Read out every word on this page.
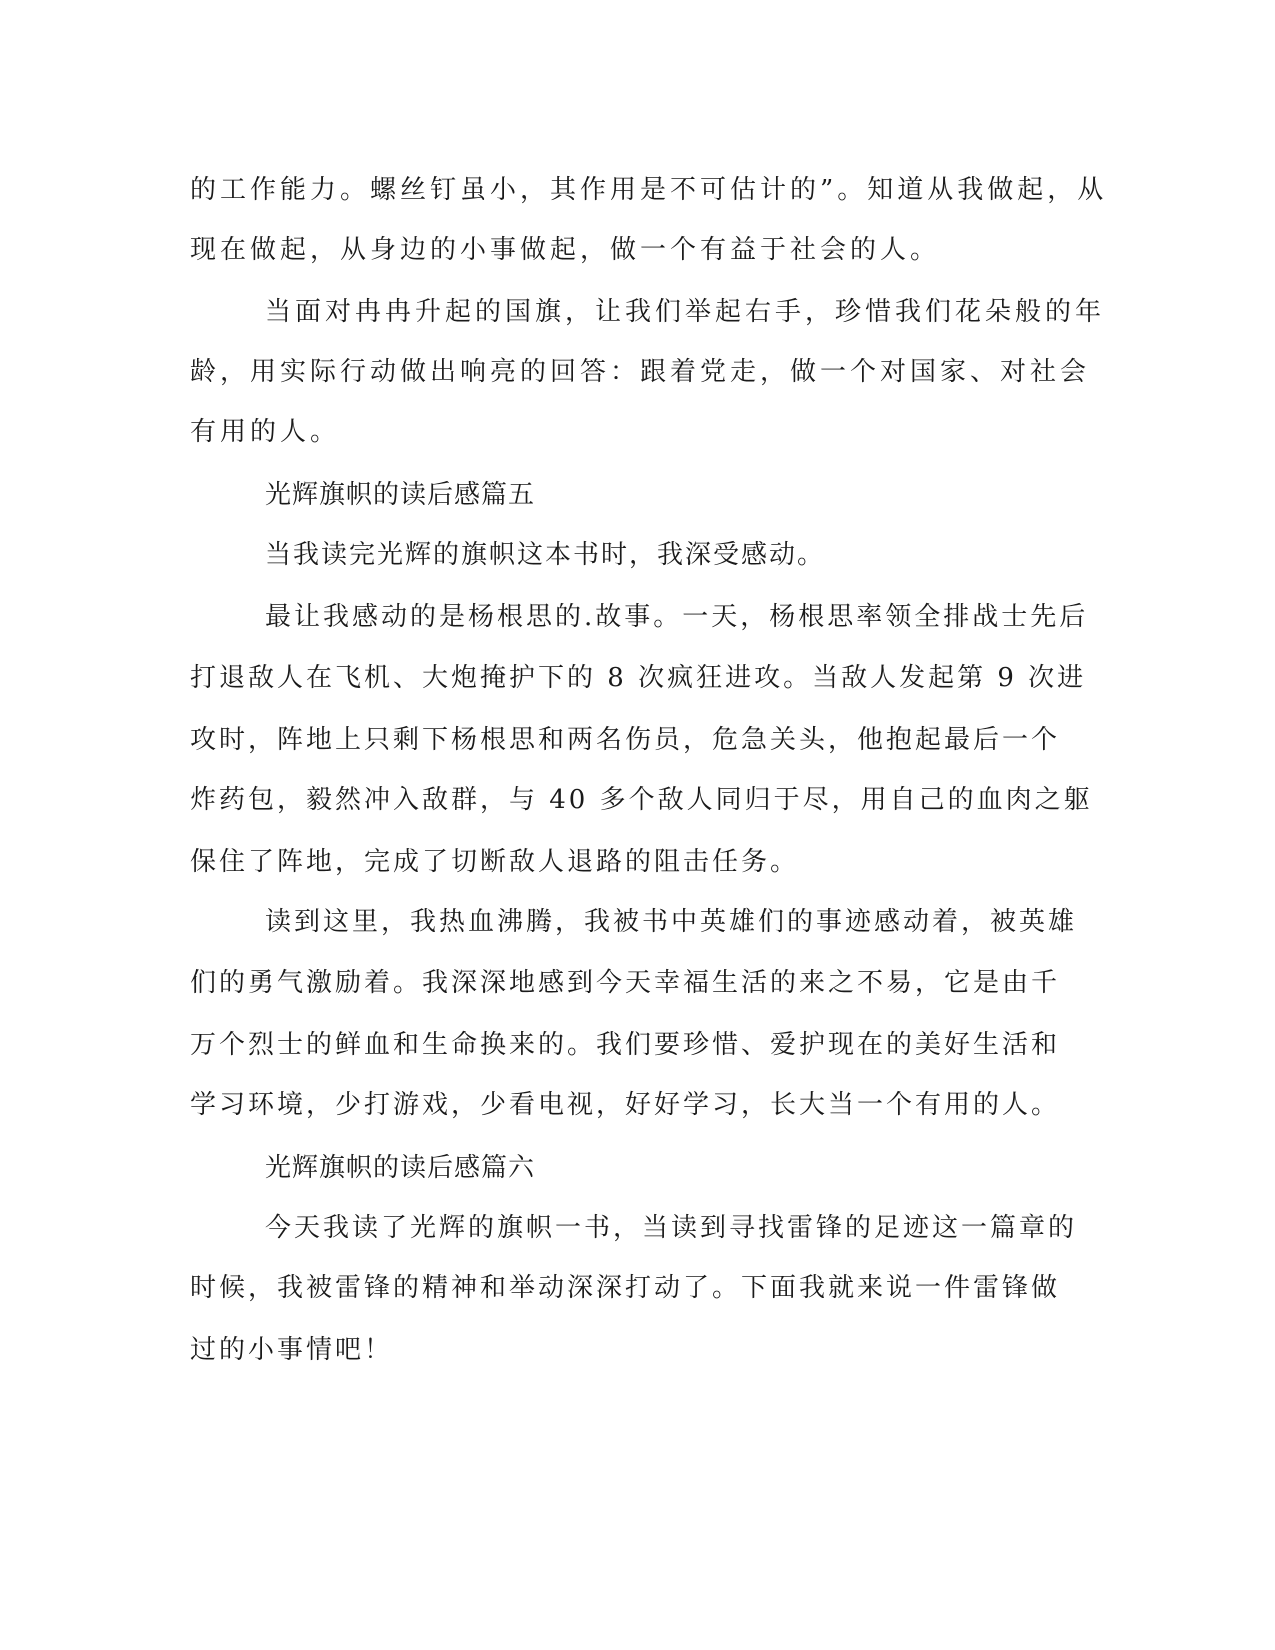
的工作能力。螺丝钉虽小，其作用是不可估计的”。知道从我做起，从
现在做起，从身边的小事做起，做一个有益于社会的人。
当面对冉冉升起的国旗，让我们举起右手，珍惜我们花朵般的年
龄，用实际行动做出响亮的回答：跟着党走，做一个对国家、对社会
有用的人。
光辉旗帜的读后感篇五
当我读完光辉的旗帜这本书时，我深受感动。
最让我感动的是杨根思的.故事。一天，杨根思率领全排战士先后
打退敌人在飞机、大炮掩护下的 8 次疯狂进攻。当敌人发起第 9 次进
攻时，阵地上只剩下杨根思和两名伤员，危急关头，他抱起最后一个
炸药包，毅然冲入敌群，与 40 多个敌人同归于尽，用自己的血肉之躯
保住了阵地，完成了切断敌人退路的阻击任务。
读到这里，我热血沸腾，我被书中英雄们的事迹感动着，被英雄
们的勇气激励着。我深深地感到今天幸福生活的来之不易，它是由千
万个烈士的鲜血和生命换来的。我们要珍惜、爱护现在的美好生活和
学习环境，少打游戏，少看电视，好好学习，长大当一个有用的人。
光辉旗帜的读后感篇六
今天我读了光辉的旗帜一书，当读到寻找雷锋的足迹这一篇章的
时候，我被雷锋的精神和举动深深打动了。下面我就来说一件雷锋做
过的小事情吧！
